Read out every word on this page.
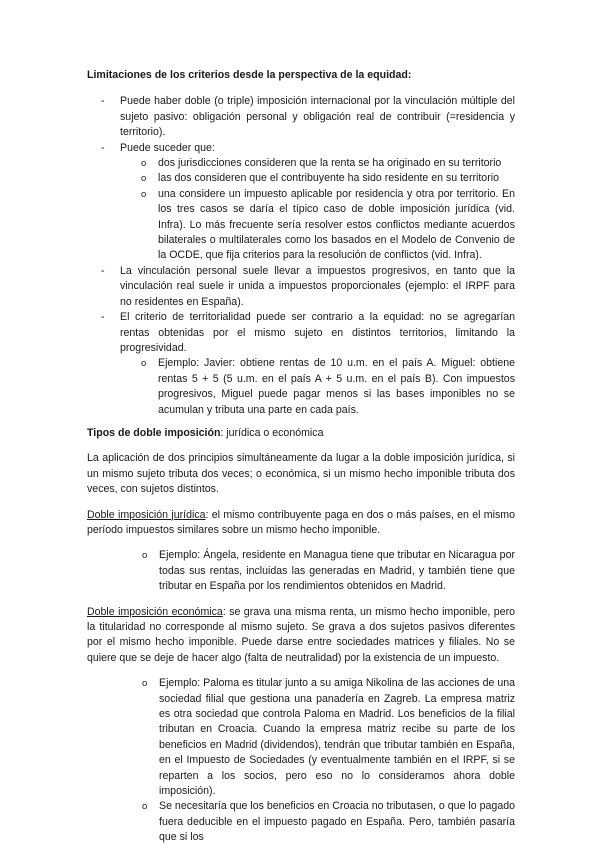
Limitaciones de los criterios desde la perspectiva de la equidad:

- Puede haber doble (o triple) imposición internacional por la vinculación múltiple del sujeto pasivo: obligación personal y obligación real de contribuir (=residencia y territorio).
- Puede suceder que:
o dos jurisdicciones consideren que la renta se ha originado en su territorio
o las dos consideren que el contribuyente ha sido residente en su territorio
o una considere un impuesto aplicable por residencia y otra por territorio. En los tres casos se daría el típico caso de doble imposición jurídica (vid. Infra). Lo más frecuente sería resolver estos conflictos mediante acuerdos bilaterales o multilaterales como los basados en el Modelo de Convenio de la OCDE, que fija criterios para la resolución de conflictos (vid. Infra).
- La vinculación personal suele llevar a impuestos progresivos, en tanto que la vinculación real suele ir unida a impuestos proporcionales (ejemplo: el IRPF para no residentes en España).
- El criterio de territorialidad puede ser contrario a la equidad: no se agregarían rentas obtenidas por el mismo sujeto en distintos territorios, limitando la progresividad.
o Ejemplo: Javier: obtiene rentas de 10 u.m. en el país A. Miguel: obtiene rentas 5 + 5 (5 u.m. en el país A + 5 u.m. en el país B). Con impuestos progresivos, Miguel puede pagar menos si las bases imponibles no se acumulan y tributa una parte en cada país.

Tipos de doble imposición: jurídica o económica

La aplicación de dos principios simultáneamente da lugar a la doble imposición jurídica, si un mismo sujeto tributa dos veces; o económica, si un mismo hecho imponible tributa dos veces, con sujetos distintos.

Doble imposición jurídica: el mismo contribuyente paga en dos o más países, en el mismo período impuestos similares sobre un mismo hecho imponible.

o Ejemplo: Ángela, residente en Managua tiene que tributar en Nicaragua por todas sus rentas, incluidas las generadas en Madrid, y también tiene que tributar en España por los rendimientos obtenidos en Madrid.

Doble imposición económica: se grava una misma renta, un mismo hecho imponible, pero la titularidad no corresponde al mismo sujeto. Se grava a dos sujetos pasivos diferentes por el mismo hecho imponible. Puede darse entre sociedades matrices y filiales. No se quiere que se deje de hacer algo (falta de neutralidad) por la existencia de un impuesto.

o Ejemplo: Paloma es titular junto a su amiga Nikolina de las acciones de una sociedad filial que gestiona una panadería en Zagreb. La empresa matriz es otra sociedad que controla Paloma en Madrid. Los beneficios de la filial tributan en Croacia. Cuando la empresa matriz recibe su parte de los beneficios en Madrid (dividendos), tendrán que tributar también en España, en el Impuesto de Sociedades (y eventualmente también en el IRPF, si se reparten a los socios, pero eso no lo consideramos ahora doble imposición).
o Se necesitaría que los beneficios en Croacia no tributasen, o que lo pagado fuera deducible en el impuesto pagado en España. Pero, también pasaría que si los
